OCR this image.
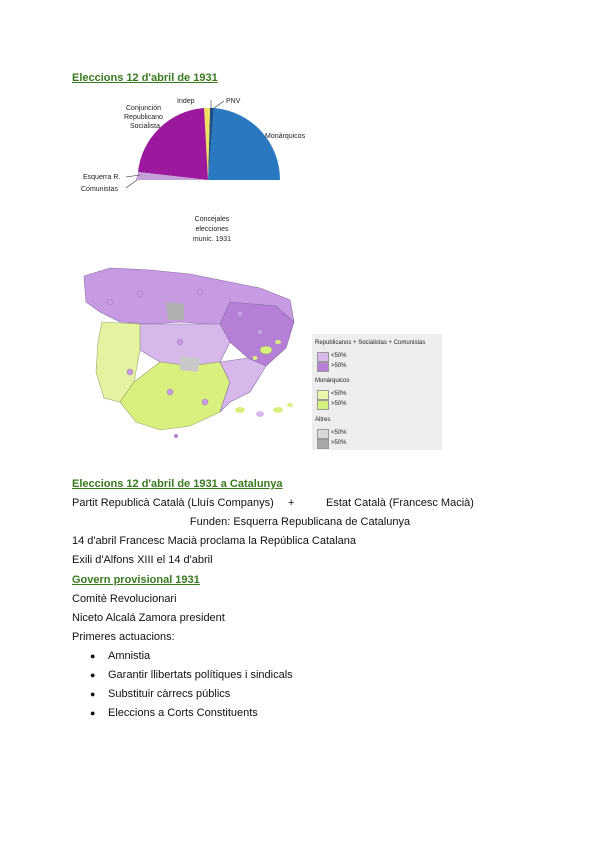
Eleccions 12 d'abril de 1931
Indep	PNV
Conjunción
Republicano
Socialista
Monárquicos
Esquerra R.
Comunistas
Concejales
elecciones
munic. 1931
Republicanos + Socialistas + Comunistas
<50%
>50%
Monárquicos
<50%
>50%
Altres
<50%
>50%
Eleccions 12 d'abril de 1931 a Catalunya
Partit Republicà Català (Lluís Companys) +	Estat Català (Francesc Macià)
Funden: Esquerra Republicana de Catalunya
14 d'abril Francesc Macià proclama la República Catalana
Exili d'Alfons XIII el 14 d'abril
Govern provisional 1931
Comitè Revolucionari
Niceto Alcalá Zamora president
Primeres actuacions:
● Amnistia
● Garantir llibertats polítiques i sindicals
● Substituir càrrecs públics
● Eleccions a Corts Constituents
